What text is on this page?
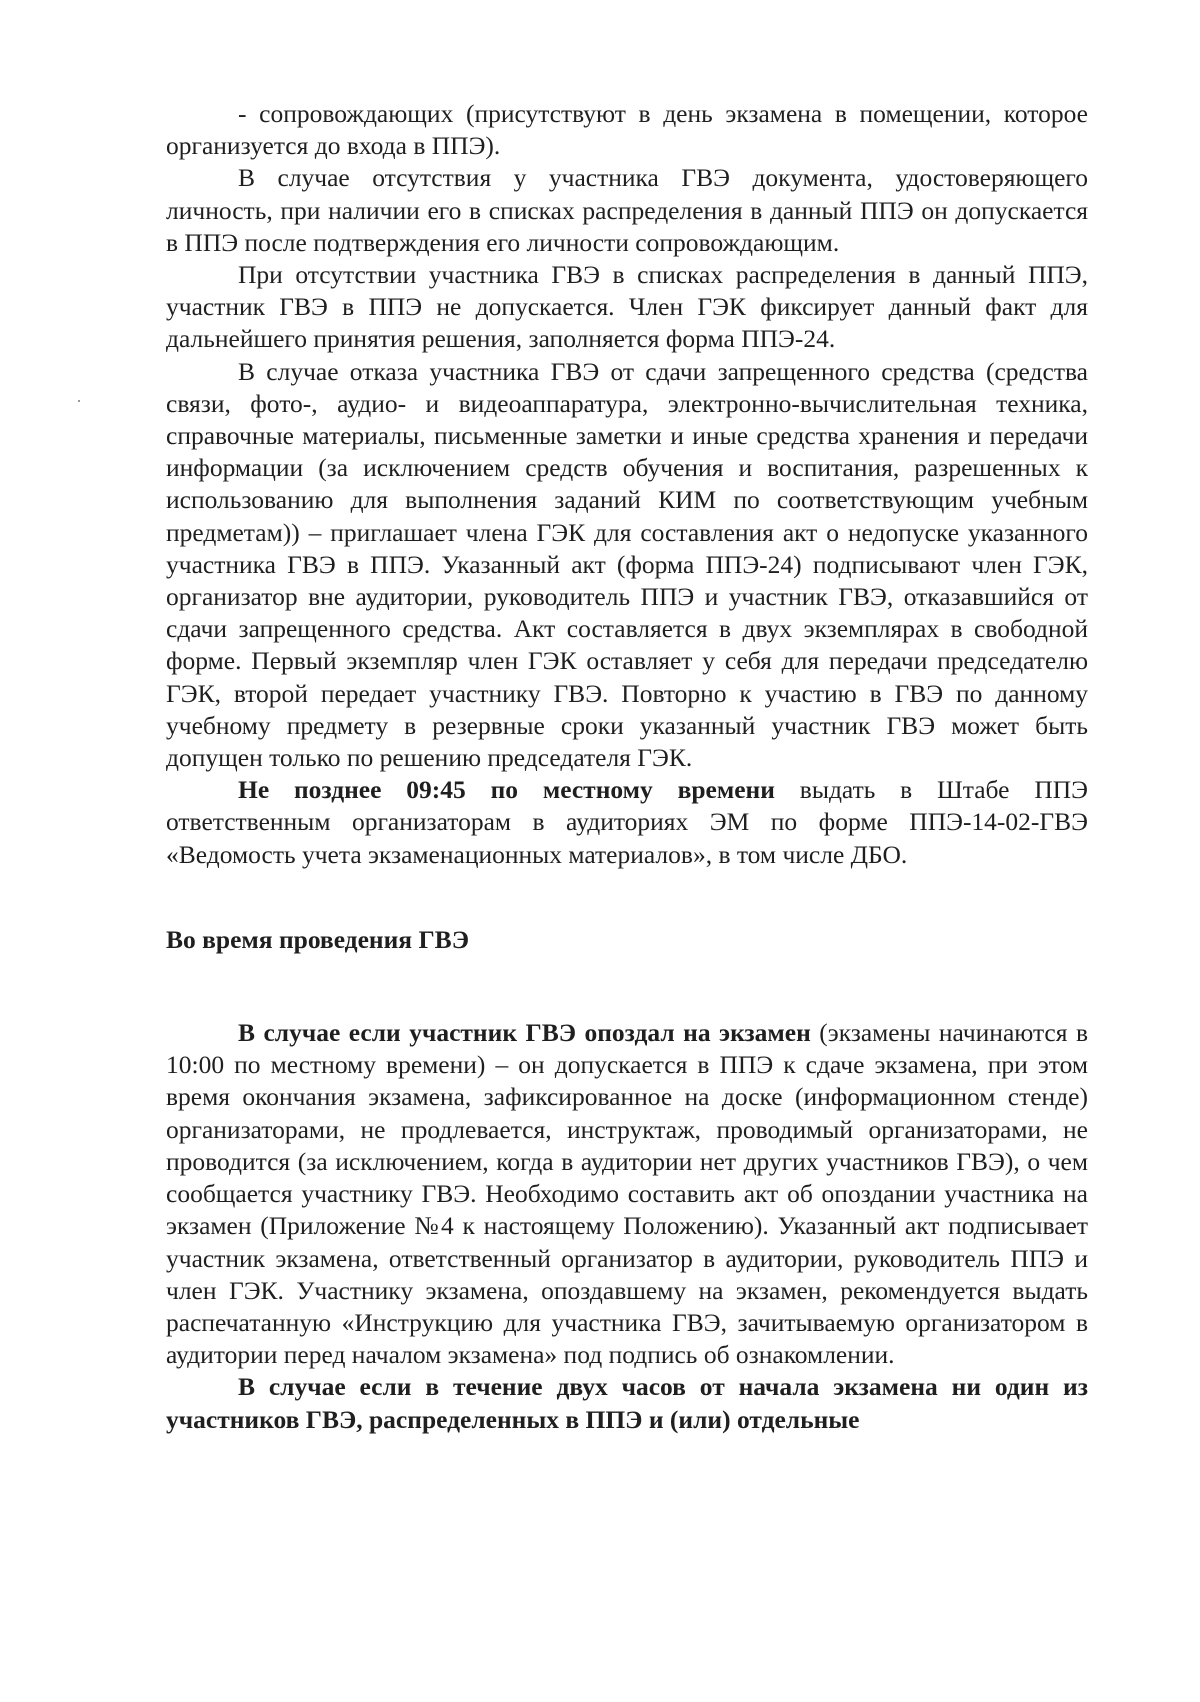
- сопровождающих (присутствуют в день экзамена в помещении, которое организуется до входа в ППЭ).

В случае отсутствия у участника ГВЭ документа, удостоверяющего личность, при наличии его в списках распределения в данный ППЭ он допускается в ППЭ после подтверждения его личности сопровождающим.

При отсутствии участника ГВЭ в списках распределения в данный ППЭ, участник ГВЭ в ППЭ не допускается. Член ГЭК фиксирует данный факт для дальнейшего принятия решения, заполняется форма ППЭ-24.

В случае отказа участника ГВЭ от сдачи запрещенного средства (средства связи, фото-, аудио- и видеоаппаратура, электронно-вычислительная техника, справочные материалы, письменные заметки и иные средства хранения и передачи информации (за исключением средств обучения и воспитания, разрешенных к использованию для выполнения заданий КИМ по соответствующим учебным предметам)) – приглашает члена ГЭК для составления акт о недопуске указанного участника ГВЭ в ППЭ. Указанный акт (форма ППЭ-24) подписывают член ГЭК, организатор вне аудитории, руководитель ППЭ и участник ГВЭ, отказавшийся от сдачи запрещенного средства. Акт составляется в двух экземплярах в свободной форме. Первый экземпляр член ГЭК оставляет у себя для передачи председателю ГЭК, второй передает участнику ГВЭ. Повторно к участию в ГВЭ по данному учебному предмету в резервные сроки указанный участник ГВЭ может быть допущен только по решению председателя ГЭК.

Не позднее 09:45 по местному времени выдать в Штабе ППЭ ответственным организаторам в аудиториях ЭМ по форме ППЭ-14-02-ГВЭ «Ведомость учета экзаменационных материалов», в том числе ДБО.

Во время проведения ГВЭ

В случае если участник ГВЭ опоздал на экзамен (экзамены начинаются в 10:00 по местному времени) – он допускается в ППЭ к сдаче экзамена, при этом время окончания экзамена, зафиксированное на доске (информационном стенде) организаторами, не продлевается, инструктаж, проводимый организаторами, не проводится (за исключением, когда в аудитории нет других участников ГВЭ), о чем сообщается участнику ГВЭ. Необходимо составить акт об опоздании участника на экзамен (Приложение №4 к настоящему Положению). Указанный акт подписывает участник экзамена, ответственный организатор в аудитории, руководитель ППЭ и член ГЭК. Участнику экзамена, опоздавшему на экзамен, рекомендуется выдать распечатанную «Инструкцию для участника ГВЭ, зачитываемую организатором в аудитории перед началом экзамена» под подпись об ознакомлении.

В случае если в течение двух часов от начала экзамена ни один из участников ГВЭ, распределенных в ППЭ и (или) отдельные
